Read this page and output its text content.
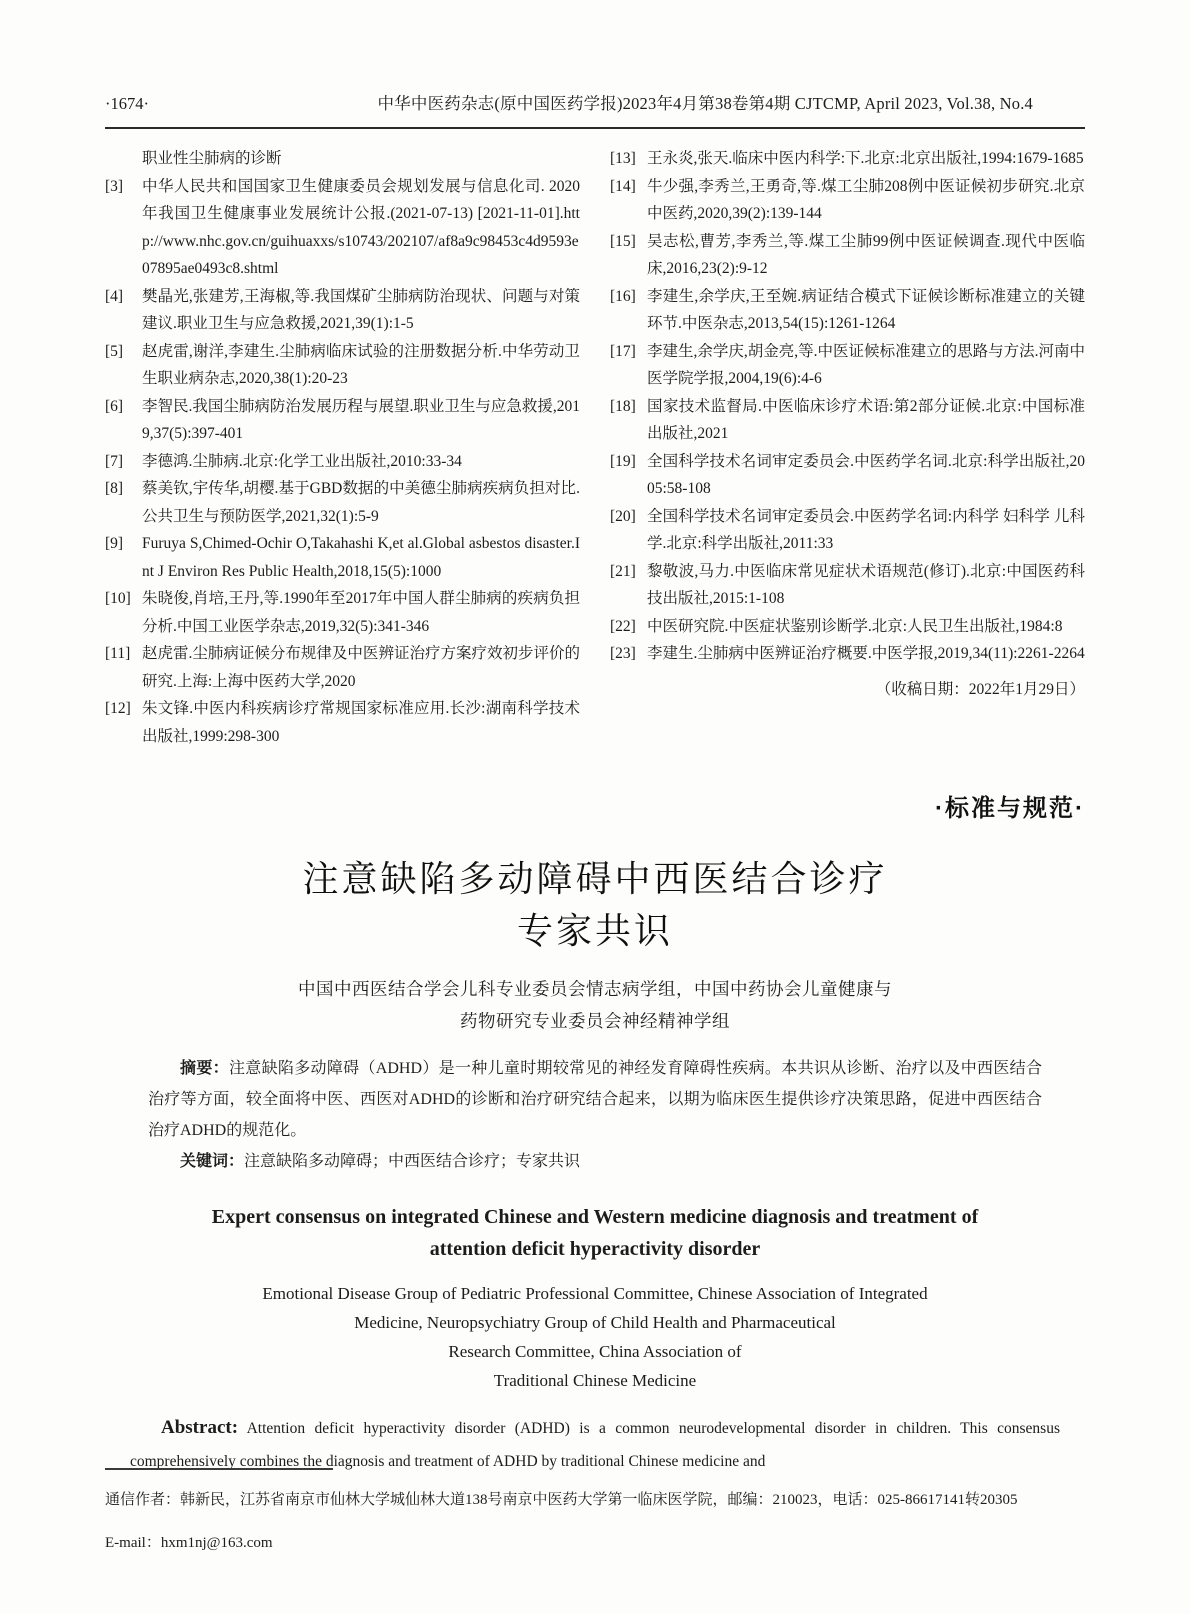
·1674·	中华中医药杂志(原中国医药学报)2023年4月第38卷第4期 CJTCMP, April 2023, Vol.38, No.4
职业性尘肺病的诊断
[3]	中华人民共和国国家卫生健康委员会规划发展与信息化司. 2020年我国卫生健康事业发展统计公报.(2021-07-13) [2021-11-01].http://www.nhc.gov.cn/guihuaxxs/s10743/202107/af8a9c98453c4d9593e07895ae0493c8.shtml
[4]	樊晶光,张建芳,王海椒,等.我国煤矿尘肺病防治现状、问题与对策建议.职业卫生与应急救援,2021,39(1):1-5
[5]	赵虎雷,谢洋,李建生.尘肺病临床试验的注册数据分析.中华劳动卫生职业病杂志,2020,38(1):20-23
[6]	李智民.我国尘肺病防治发展历程与展望.职业卫生与应急救援,2019,37(5):397-401
[7]	李德鸿.尘肺病.北京:化学工业出版社,2010:33-34
[8]	蔡美钦,宇传华,胡樱.基于GBD数据的中美德尘肺病疾病负担对比.公共卫生与预防医学,2021,32(1):5-9
[9]	Furuya S,Chimed-Ochir O,Takahashi K,et al.Global asbestos disaster.Int J Environ Res Public Health,2018,15(5):1000
[10] 朱晓俊,肖培,王丹,等.1990年至2017年中国人群尘肺病的疾病负担分析.中国工业医学杂志,2019,32(5):341-346
[11] 赵虎雷.尘肺病证候分布规律及中医辨证治疗方案疗效初步评价的研究.上海:上海中医药大学,2020
[12] 朱文锋.中医内科疾病诊疗常规国家标准应用.长沙:湖南科学技术出版社,1999:298-300
[13] 王永炎,张天.临床中医内科学:下.北京:北京出版社,1994:1679-1685
[14] 牛少强,李秀兰,王勇奇,等.煤工尘肺208例中医证候初步研究.北京中医药,2020,39(2):139-144
[15] 吴志松,曹芳,李秀兰,等.煤工尘肺99例中医证候调查.现代中医临床,2016,23(2):9-12
[16] 李建生,余学庆,王至婉.病证结合模式下证候诊断标准建立的关键环节.中医杂志,2013,54(15):1261-1264
[17] 李建生,余学庆,胡金亮,等.中医证候标准建立的思路与方法.河南中医学院学报,2004,19(6):4-6
[18] 国家技术监督局.中医临床诊疗术语:第2部分证候.北京:中国标准出版社,2021
[19] 全国科学技术名词审定委员会.中医药学名词.北京:科学出版社,2005:58-108
[20] 全国科学技术名词审定委员会.中医药学名词:内科学 妇科学 儿科学.北京:科学出版社,2011:33
[21] 黎敬波,马力.中医临床常见症状术语规范(修订).北京:中国医药科技出版社,2015:1-108
[22] 中医研究院.中医症状鉴别诊断学.北京:人民卫生出版社,1984:8
[23] 李建生.尘肺病中医辨证治疗概要.中医学报,2019,34(11):2261-2264
（收稿日期：2022年1月29日）
·标准与规范·
注意缺陷多动障碍中西医结合诊疗
专家共识
中国中西医结合学会儿科专业委员会情志病学组，中国中药协会儿童健康与
药物研究专业委员会神经精神学组
摘要：注意缺陷多动障碍（ADHD）是一种儿童时期较常见的神经发育障碍性疾病。本共识从诊断、治疗以及中西医结合治疗等方面，较全面将中医、西医对ADHD的诊断和治疗研究结合起来，以期为临床医生提供诊疗决策思路，促进中西医结合治疗ADHD的规范化。
关键词：注意缺陷多动障碍；中西医结合诊疗；专家共识
Expert consensus on integrated Chinese and Western medicine diagnosis and treatment of
attention deficit hyperactivity disorder
Emotional Disease Group of Pediatric Professional Committee, Chinese Association of Integrated
Medicine, Neuropsychiatry Group of Child Health and Pharmaceutical
Research Committee, China Association of
Traditional Chinese Medicine
Abstract: Attention deficit hyperactivity disorder (ADHD) is a common neurodevelopmental disorder in children. This consensus comprehensively combines the diagnosis and treatment of ADHD by traditional Chinese medicine and
通信作者：韩新民，江苏省南京市仙林大学城仙林大道138号南京中医药大学第一临床医学院，邮编：210023，电话：025-86617141转20305
E-mail：hxm1nj@163.com
